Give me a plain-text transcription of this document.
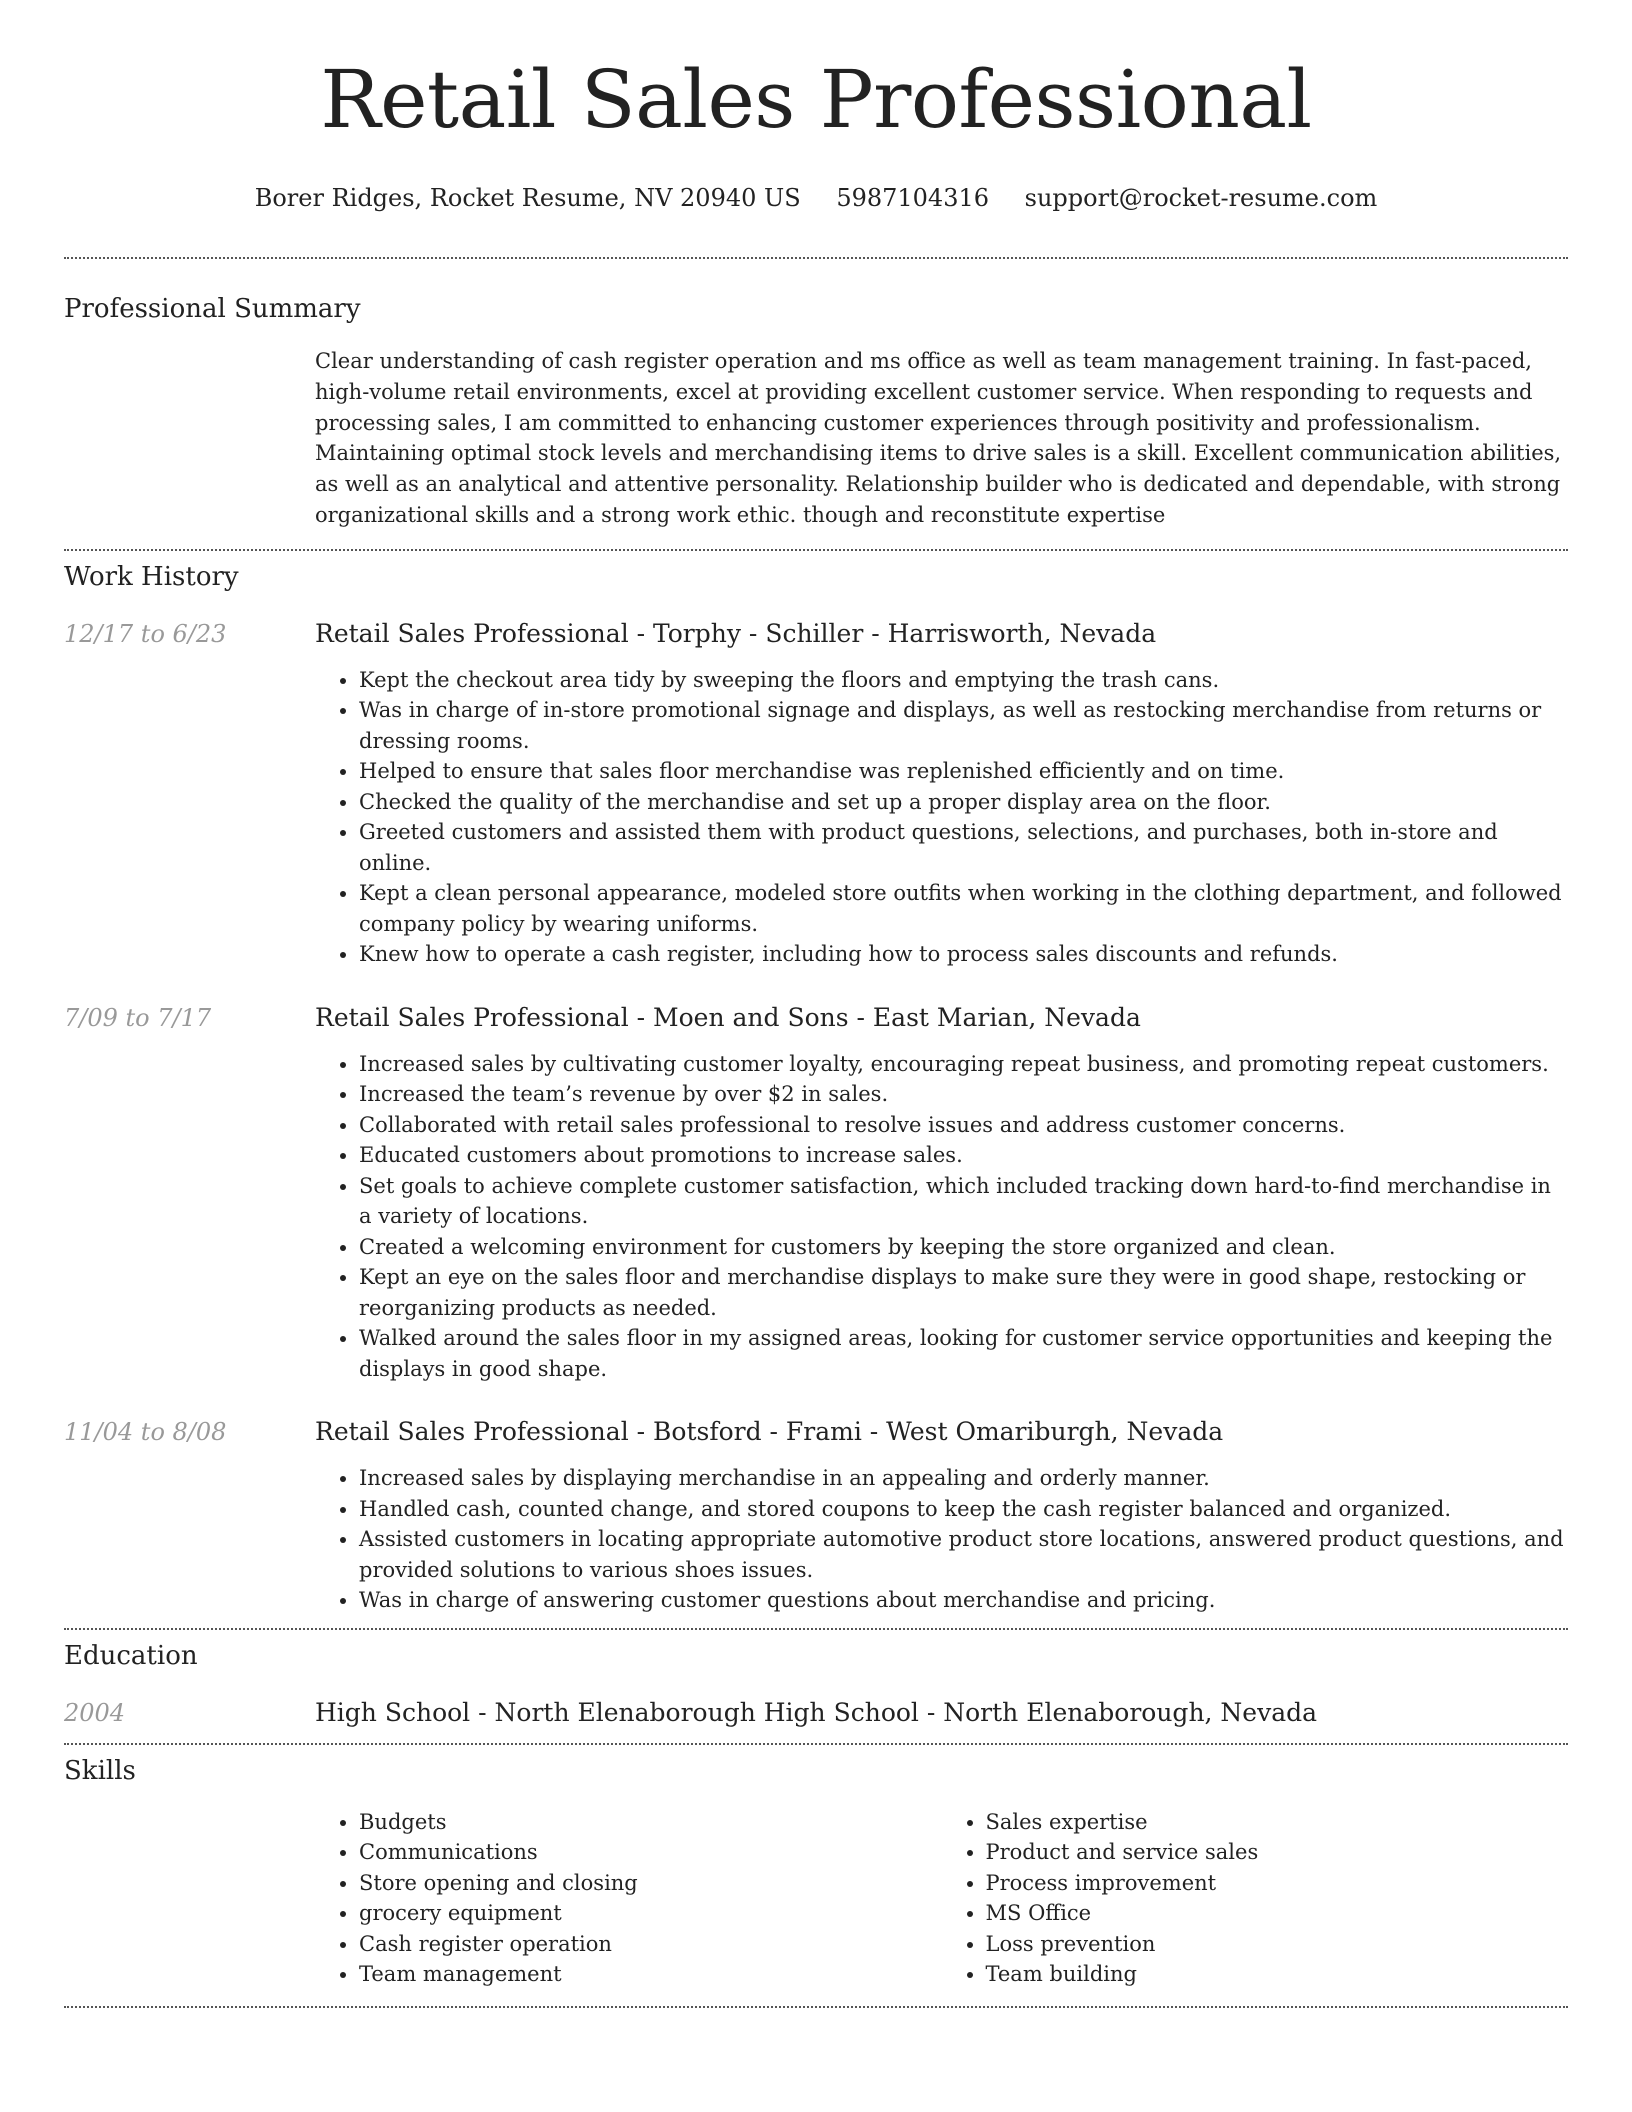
Retail Sales Professional
Borer Ridges, Rocket Resume, NV 20940 US 5987104316 support@rocket-resume.com
Professional Summary
Clear understanding of cash register operation and ms office as well as team management training. In fast-paced, high-volume retail environments, excel at providing excellent customer service. When responding to requests and processing sales, I am committed to enhancing customer experiences through positivity and professionalism. Maintaining optimal stock levels and merchandising items to drive sales is a skill. Excellent communication abilities, as well as an analytical and attentive personality. Relationship builder who is dedicated and dependable, with strong organizational skills and a strong work ethic. though and reconstitute expertise
Work History
12/17 to 6/23	Retail Sales Professional - Torphy - Schiller - Harrisworth, Nevada
• Kept the checkout area tidy by sweeping the floors and emptying the trash cans.
• Was in charge of in-store promotional signage and displays, as well as restocking merchandise from returns or dressing rooms.
• Helped to ensure that sales floor merchandise was replenished efficiently and on time.
• Checked the quality of the merchandise and set up a proper display area on the floor.
• Greeted customers and assisted them with product questions, selections, and purchases, both in-store and online.
• Kept a clean personal appearance, modeled store outfits when working in the clothing department, and followed company policy by wearing uniforms.
• Knew how to operate a cash register, including how to process sales discounts and refunds.
7/09 to 7/17	Retail Sales Professional - Moen and Sons - East Marian, Nevada
• Increased sales by cultivating customer loyalty, encouraging repeat business, and promoting repeat customers.
• Increased the team’s revenue by over $2 in sales.
• Collaborated with retail sales professional to resolve issues and address customer concerns.
• Educated customers about promotions to increase sales.
• Set goals to achieve complete customer satisfaction, which included tracking down hard-to-find merchandise in a variety of locations.
• Created a welcoming environment for customers by keeping the store organized and clean.
• Kept an eye on the sales floor and merchandise displays to make sure they were in good shape, restocking or reorganizing products as needed.
• Walked around the sales floor in my assigned areas, looking for customer service opportunities and keeping the displays in good shape.
11/04 to 8/08	Retail Sales Professional - Botsford - Frami - West Omariburgh, Nevada
• Increased sales by displaying merchandise in an appealing and orderly manner.
• Handled cash, counted change, and stored coupons to keep the cash register balanced and organized.
• Assisted customers in locating appropriate automotive product store locations, answered product questions, and provided solutions to various shoes issues.
• Was in charge of answering customer questions about merchandise and pricing.
Education
2004	High School - North Elenaborough High School - North Elenaborough, Nevada
Skills
• Budgets
• Communications
• Store opening and closing
• grocery equipment
• Cash register operation
• Team management
• Sales expertise
• Product and service sales
• Process improvement
• MS Office
• Loss prevention
• Team building
